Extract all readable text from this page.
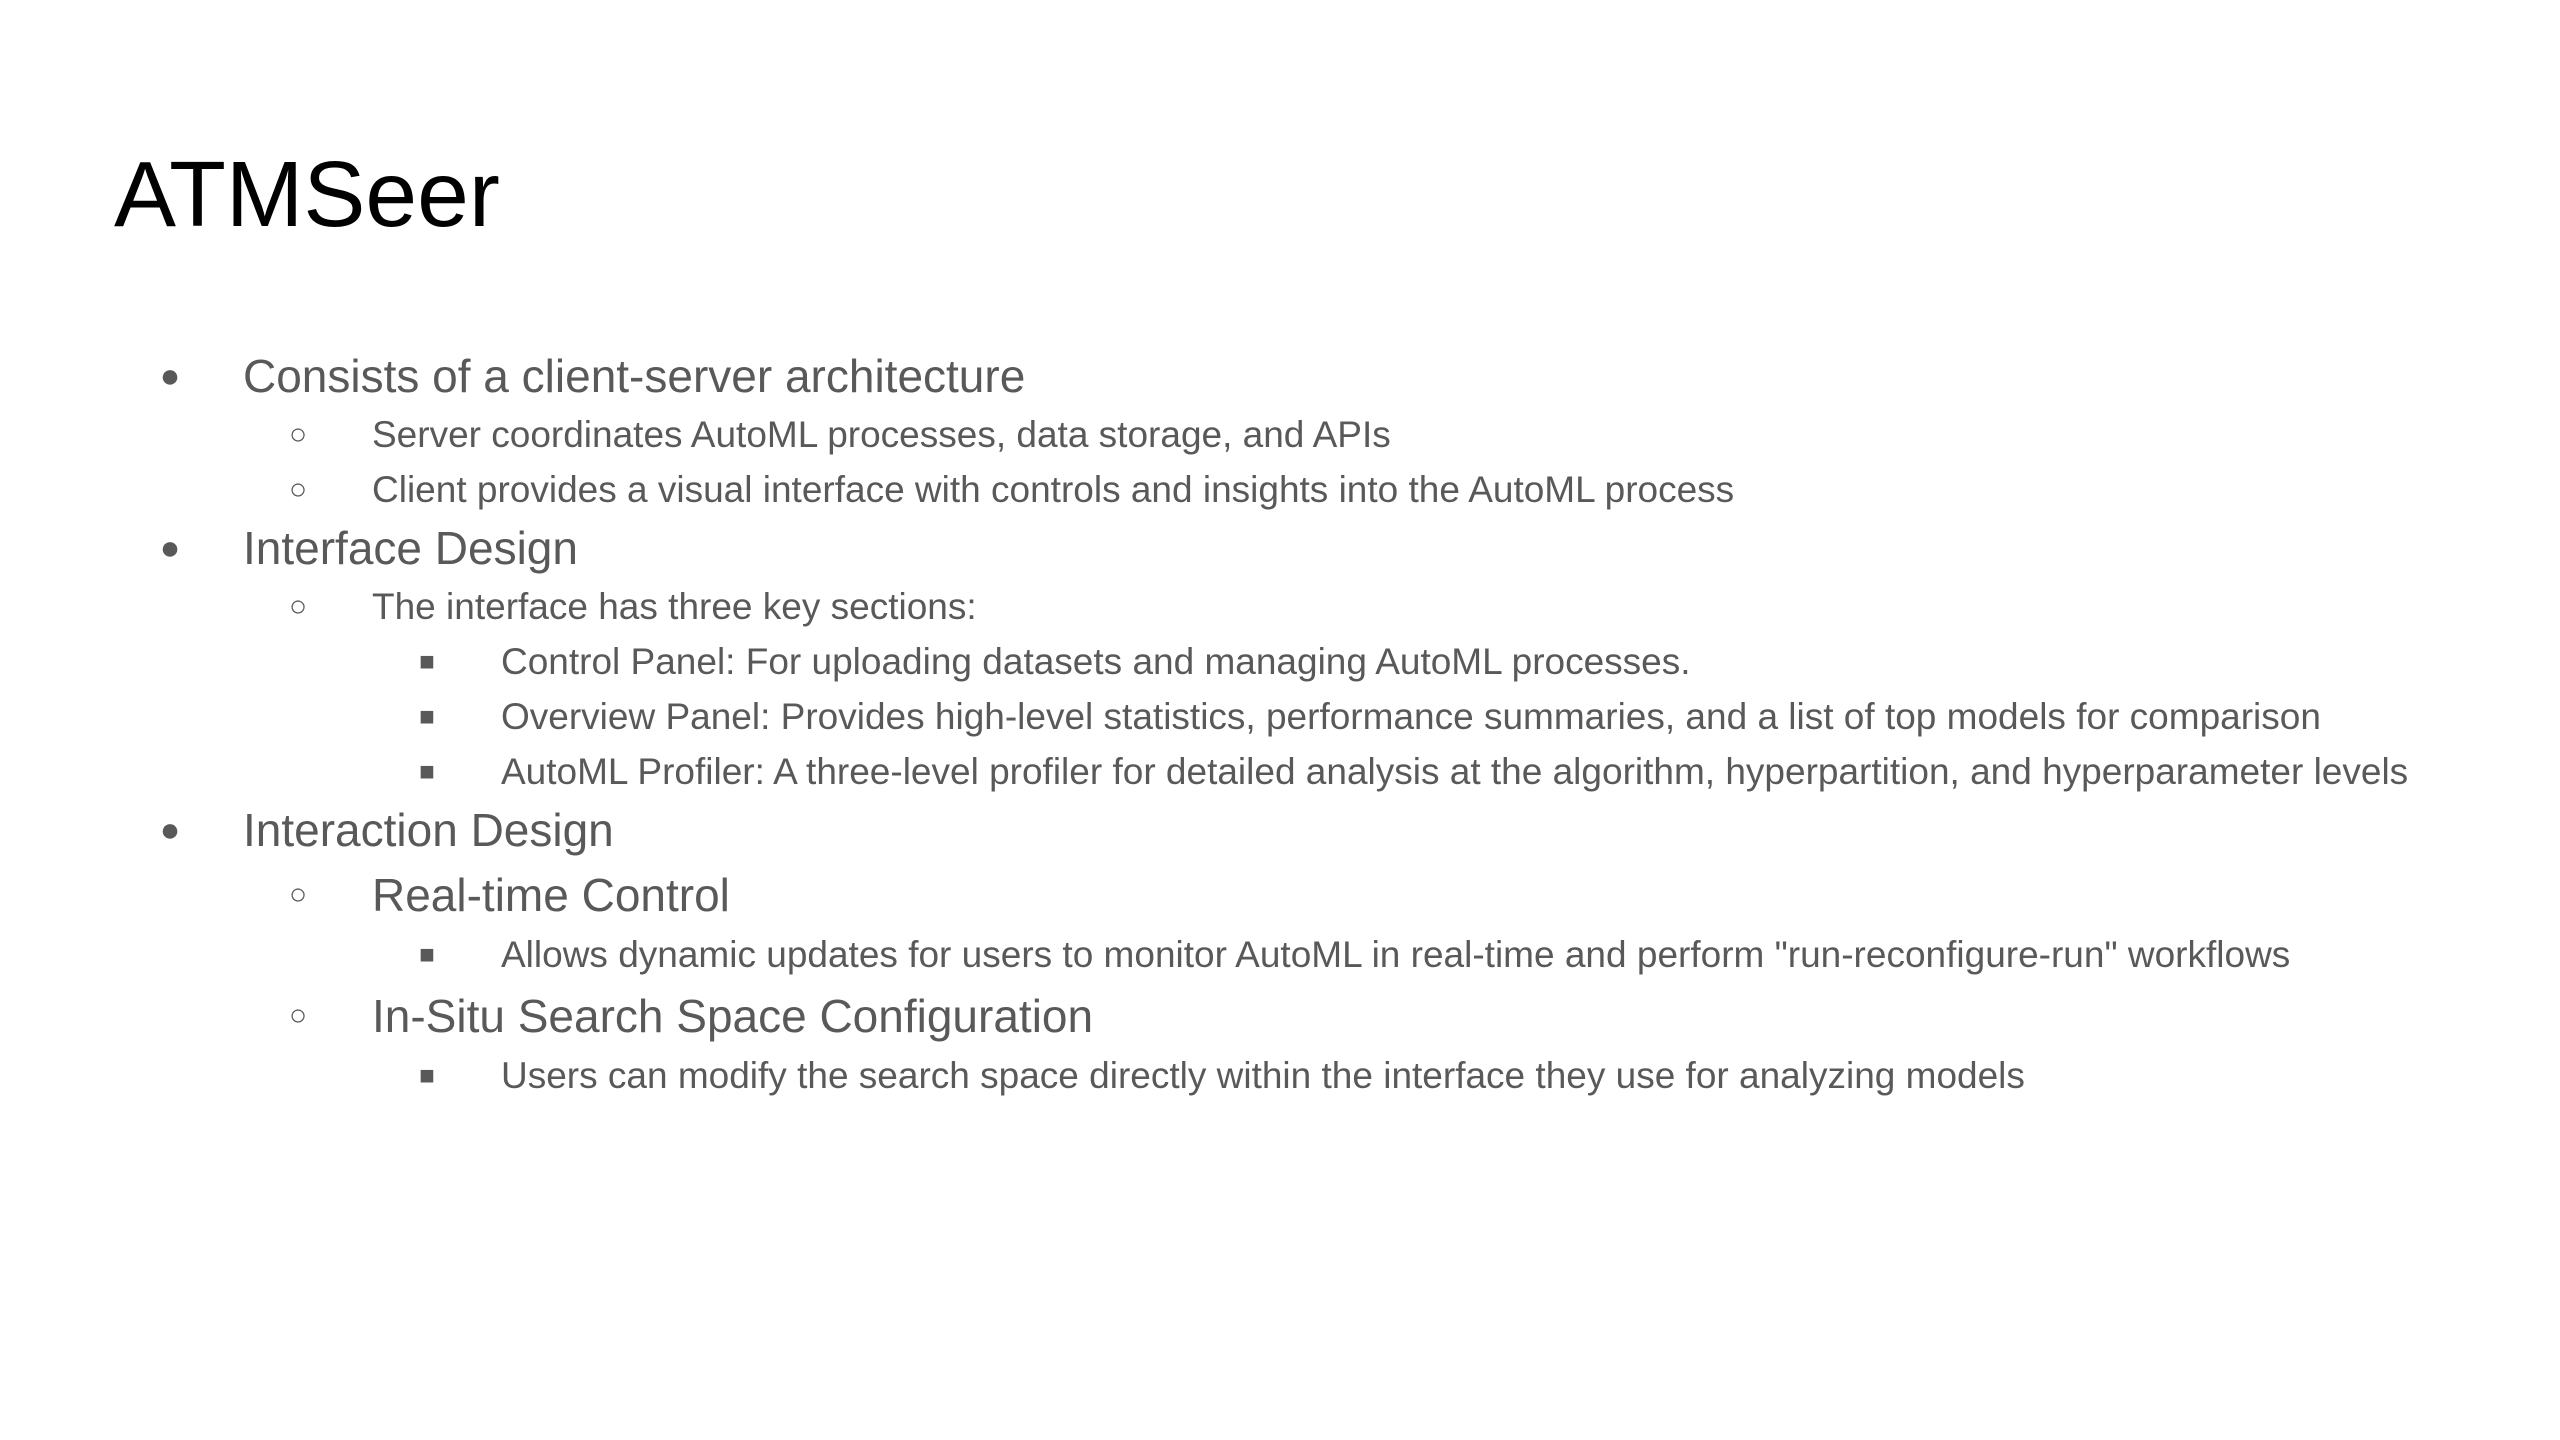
ATMSeer
● Consists of a client-server architecture
○ Server coordinates AutoML processes, data storage, and APIs
○ Client provides a visual interface with controls and insights into the AutoML process
● Interface Design
○ The interface has three key sections:
■	Control Panel: For uploading datasets and managing AutoML processes.
■	Overview Panel: Provides high-level statistics, performance summaries, and a list of top models for comparison
■	AutoML Profiler: A three-level profiler for detailed analysis at the algorithm, hyperpartition, and hyperparameter levels
● Interaction Design
○ Real-time Control
■	Allows dynamic updates for users to monitor AutoML in real-time and perform "run-reconfigure-run" workflows
○ In-Situ Search Space Configuration
■	Users can modify the search space directly within the interface they use for analyzing models
